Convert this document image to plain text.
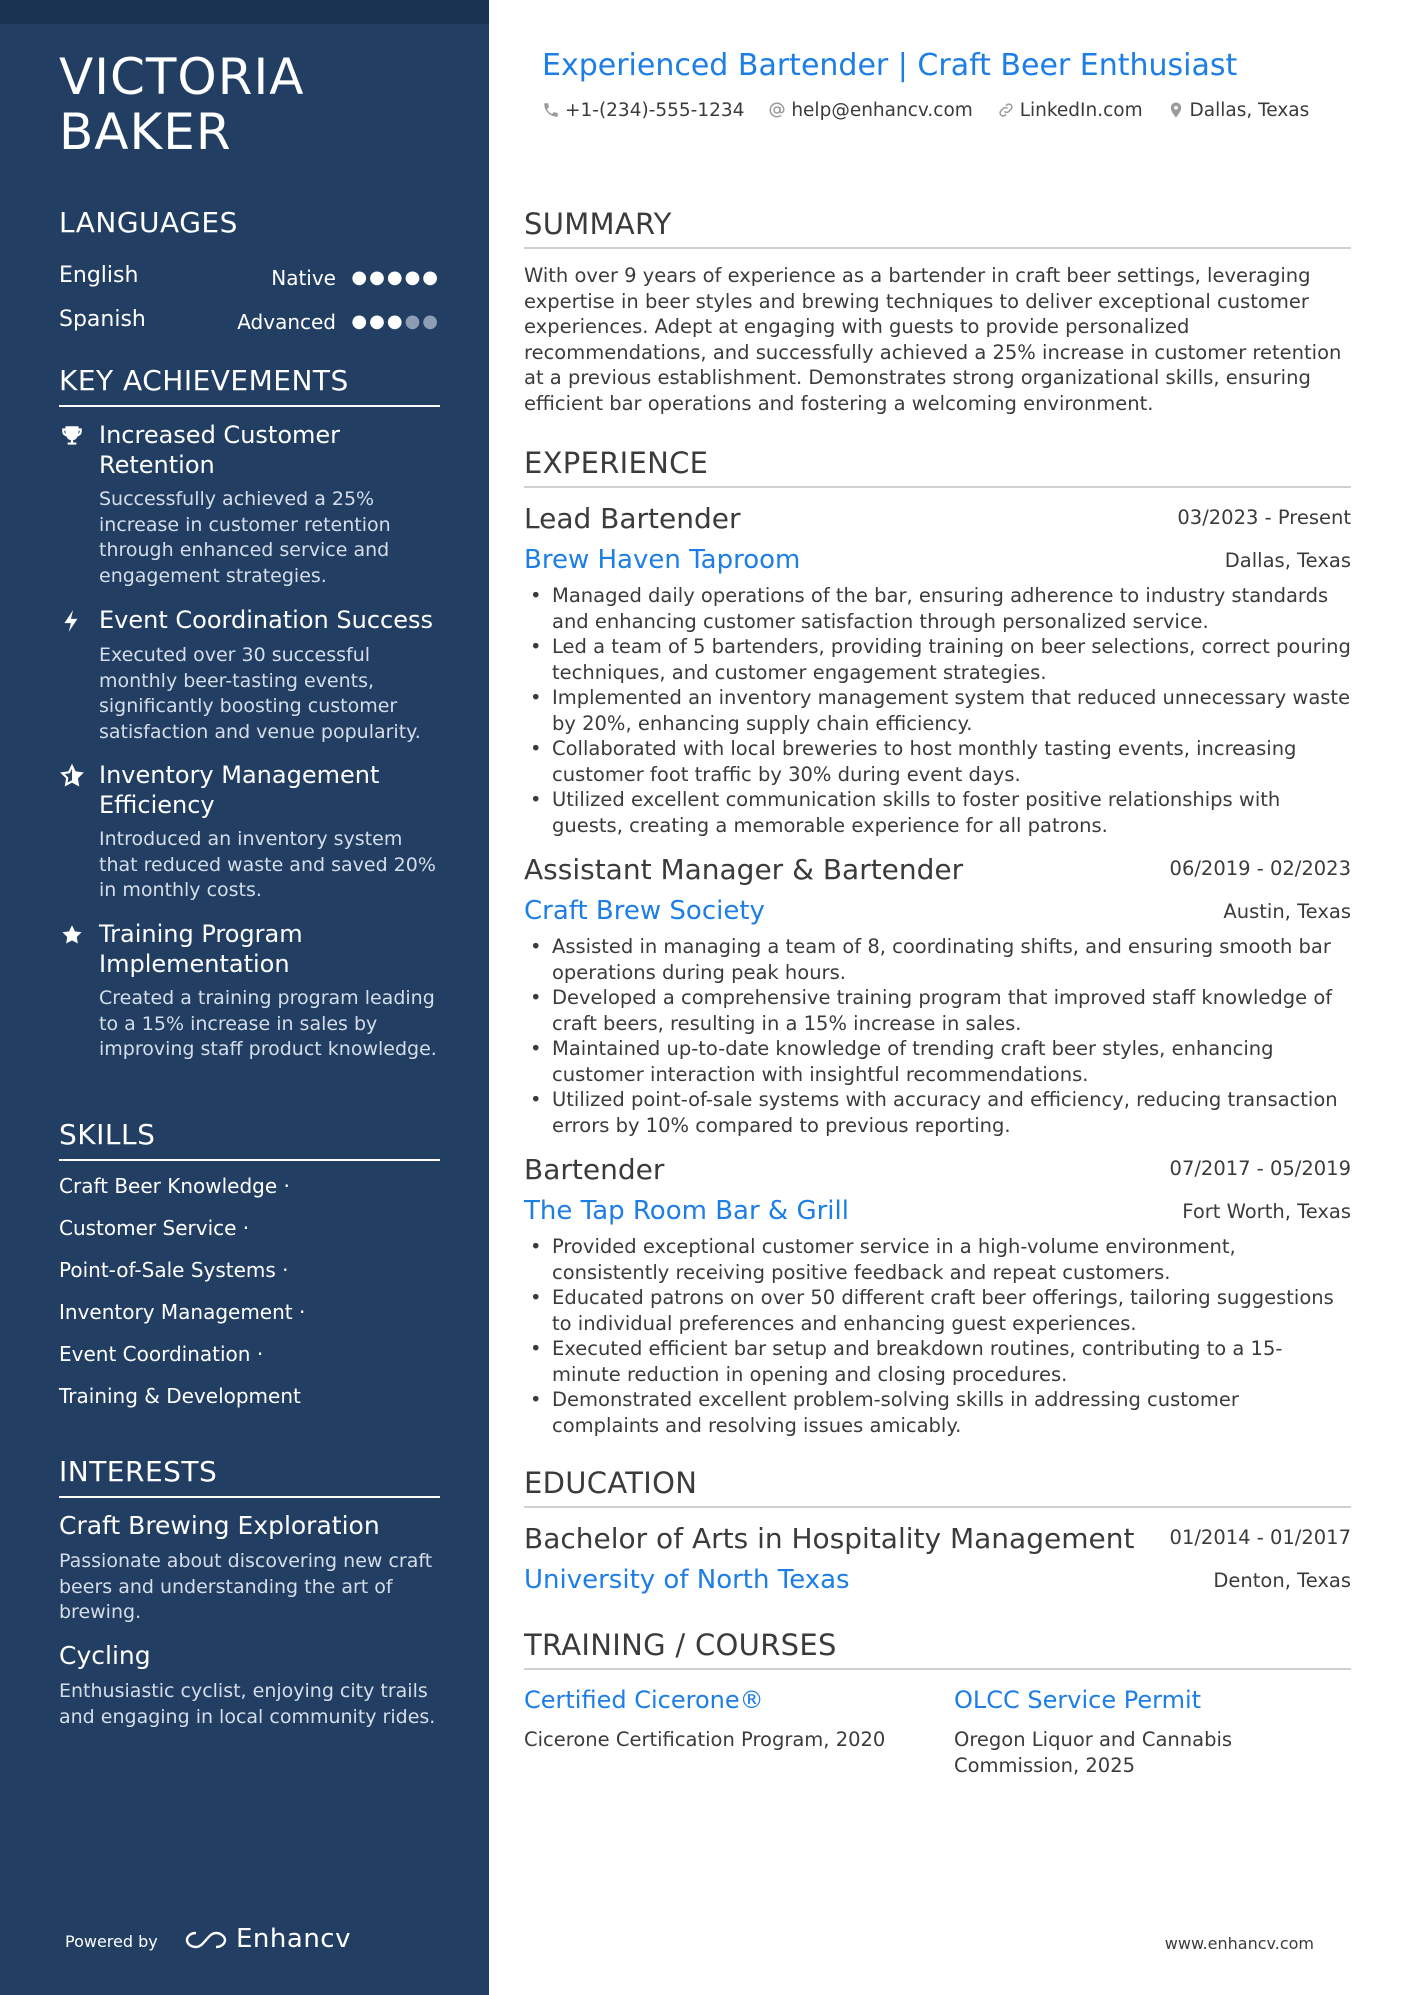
VICTORIA BAKER
LANGUAGES
English	Native ●●●●●
Spanish	Advanced ●●●●●
KEY ACHIEVEMENTS
Increased Customer Retention
Successfully achieved a 25% increase in customer retention through enhanced service and engagement strategies.
Event Coordination Success
Executed over 30 successful monthly beer-tasting events, significantly boosting customer satisfaction and venue popularity.
Inventory Management Efficiency
Introduced an inventory system that reduced waste and saved 20% in monthly costs.
Training Program Implementation
Created a training program leading to a 15% increase in sales by improving staff product knowledge.
SKILLS
Craft Beer Knowledge ·
Customer Service ·
Point-of-Sale Systems ·
Inventory Management ·
Event Coordination ·
Training & Development
INTERESTS
Craft Brewing Exploration
Passionate about discovering new craft beers and understanding the art of brewing.
Cycling
Enthusiastic cyclist, enjoying city trails and engaging in local community rides.
Powered by	Enhancv
Experienced Bartender | Craft Beer Enthusiast
+1-(234)-555-1234	help@enhancv.com	LinkedIn.com	Dallas, Texas
SUMMARY
With over 9 years of experience as a bartender in craft beer settings, leveraging expertise in beer styles and brewing techniques to deliver exceptional customer experiences. Adept at engaging with guests to provide personalized recommendations, and successfully achieved a 25% increase in customer retention at a previous establishment. Demonstrates strong organizational skills, ensuring efficient bar operations and fostering a welcoming environment.
EXPERIENCE
Lead Bartender	03/2023 - Present
Brew Haven Taproom	Dallas, Texas
• Managed daily operations of the bar, ensuring adherence to industry standards and enhancing customer satisfaction through personalized service.
• Led a team of 5 bartenders, providing training on beer selections, correct pouring techniques, and customer engagement strategies.
• Implemented an inventory management system that reduced unnecessary waste by 20%, enhancing supply chain efficiency.
• Collaborated with local breweries to host monthly tasting events, increasing customer foot traffic by 30% during event days.
• Utilized excellent communication skills to foster positive relationships with guests, creating a memorable experience for all patrons.
Assistant Manager & Bartender	06/2019 - 02/2023
Craft Brew Society	Austin, Texas
• Assisted in managing a team of 8, coordinating shifts, and ensuring smooth bar operations during peak hours.
• Developed a comprehensive training program that improved staff knowledge of craft beers, resulting in a 15% increase in sales.
• Maintained up-to-date knowledge of trending craft beer styles, enhancing customer interaction with insightful recommendations.
• Utilized point-of-sale systems with accuracy and efficiency, reducing transaction errors by 10% compared to previous reporting.
Bartender	07/2017 - 05/2019
The Tap Room Bar & Grill	Fort Worth, Texas
• Provided exceptional customer service in a high-volume environment, consistently receiving positive feedback and repeat customers.
• Educated patrons on over 50 different craft beer offerings, tailoring suggestions to individual preferences and enhancing guest experiences.
• Executed efficient bar setup and breakdown routines, contributing to a 15-minute reduction in opening and closing procedures.
• Demonstrated excellent problem-solving skills in addressing customer complaints and resolving issues amicably.
EDUCATION
Bachelor of Arts in Hospitality Management 01/2014 - 01/2017
University of North Texas	Denton, Texas
TRAINING / COURSES
Certified Cicerone®
Cicerone Certification Program, 2020
OLCC Service Permit
Oregon Liquor and Cannabis Commission, 2025
www.enhancv.com
